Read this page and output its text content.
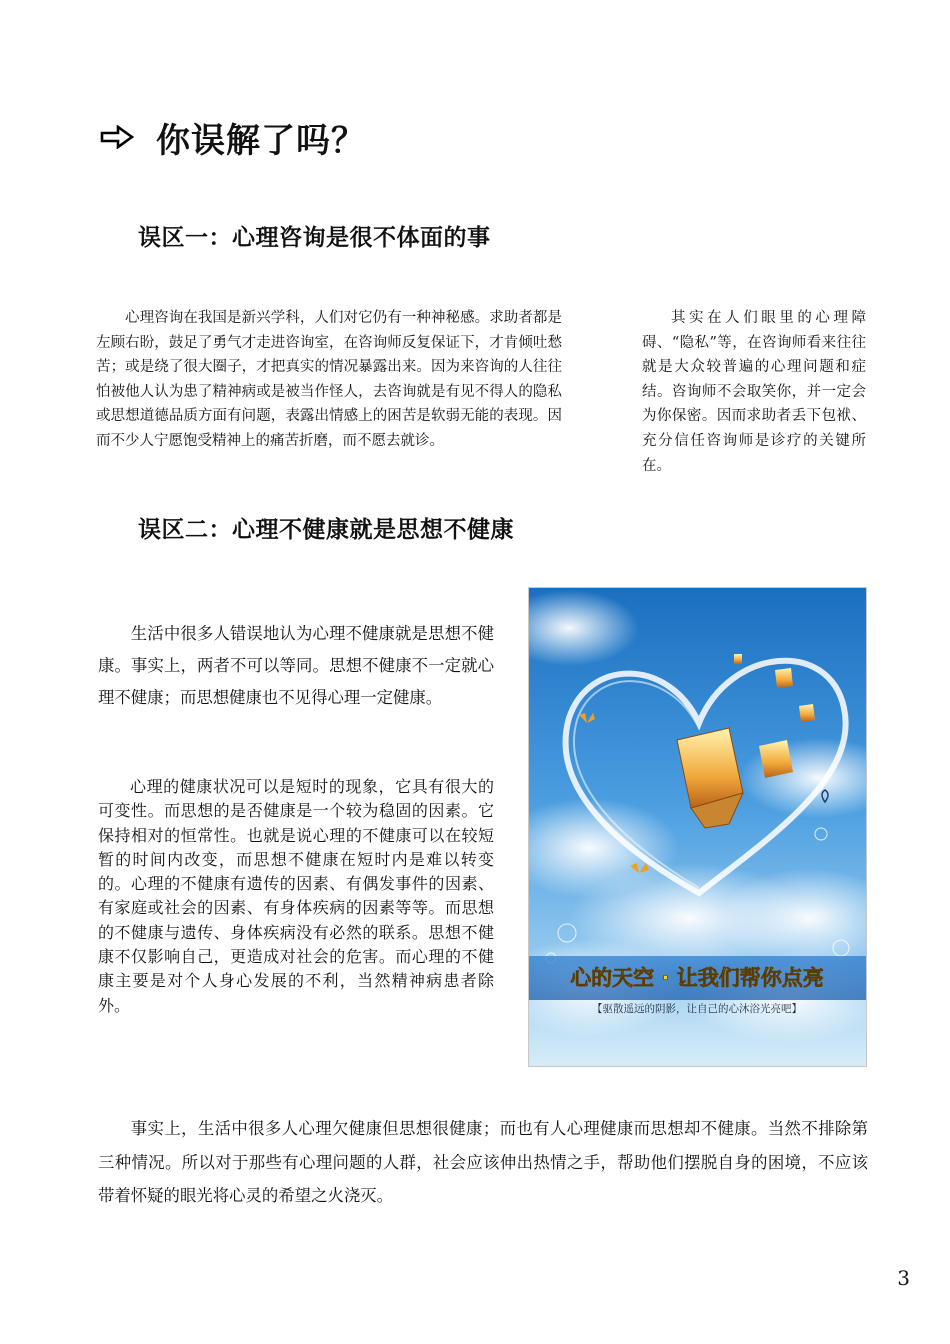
你误解了吗？
误区一：心理咨询是很不体面的事

心理咨询在我国是新兴学科，人们对它仍有一种神秘感。求助者都是左顾右盼，鼓足了勇气才走进咨询室，在咨询师反复保证下，才肯倾吐愁苦；或是绕了很大圈子，才把真实的情况暴露出来。因为来咨询的人往往怕被他人认为患了精神病或是被当作怪人，去咨询就是有见不得人的隐私或思想道德品质方面有问题，表露出情感上的困苦是软弱无能的表现。因而不少人宁愿饱受精神上的痛苦折磨，而不愿去就诊。

其实在人们眼里的心理障碍、“隐私”等，在咨询师看来往往就是大众较普遍的心理问题和症结。咨询师不会取笑你，并一定会为你保密。因而求助者丢下包袱、充分信任咨询师是诊疗的关键所在。

误区二：心理不健康就是思想不健康

生活中很多人错误地认为心理不健康就是思想不健康。事实上，两者不可以等同。思想不健康不一定就心理不健康；而思想健康也不见得心理一定健康。

心理的健康状况可以是短时的现象，它具有很大的可变性。而思想的是否健康是一个较为稳固的因素。它保持相对的恒常性。也就是说心理的不健康可以在较短暂的时间内改变，而思想不健康在短时内是难以转变的。心理的不健康有遗传的因素、有偶发事件的因素、有家庭或社会的因素、有身体疾病的因素等等。而思想的不健康与遗传、身体疾病没有必然的联系。思想不健康不仅影响自己，更造成对社会的危害。而心理的不健康主要是对个人身心发展的不利，当然精神病患者除外。

心的天空 · 让我们帮你点亮
【驱散遥远的阴影，让自己的心沐浴光亮吧】

事实上，生活中很多人心理欠健康但思想很健康；而也有人心理健康而思想却不健康。当然不排除第三种情况。所以对于那些有心理问题的人群，社会应该伸出热情之手，帮助他们摆脱自身的困境，不应该带着怀疑的眼光将心灵的希望之火浇灭。

3
